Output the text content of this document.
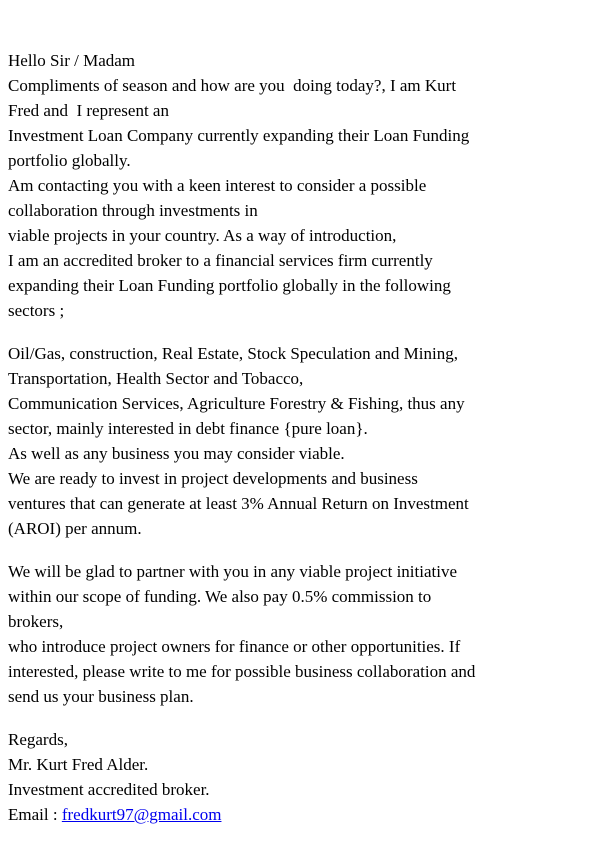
Hello Sir / Madam
Compliments of season and how are you  doing today?, I am Kurt
Fred and  I represent an
Investment Loan Company currently expanding their Loan Funding
portfolio globally.
Am contacting you with a keen interest to consider a possible
collaboration through investments in
viable projects in your country. As a way of introduction,
I am an accredited broker to a financial services firm currently
expanding their Loan Funding portfolio globally in the following
sectors ;
Oil/Gas, construction, Real Estate, Stock Speculation and Mining,
Transportation, Health Sector and Tobacco,
Communication Services, Agriculture Forestry & Fishing, thus any
sector, mainly interested in debt finance {pure loan}.
As well as any business you may consider viable.
We are ready to invest in project developments and business
ventures that can generate at least 3% Annual Return on Investment
(AROI) per annum.
We will be glad to partner with you in any viable project initiative
within our scope of funding. We also pay 0.5% commission to
brokers,
who introduce project owners for finance or other opportunities. If
interested, please write to me for possible business collaboration and
send us your business plan.
Regards,
Mr. Kurt Fred Alder.
Investment accredited broker.
Email : fredkurt97@gmail.com
